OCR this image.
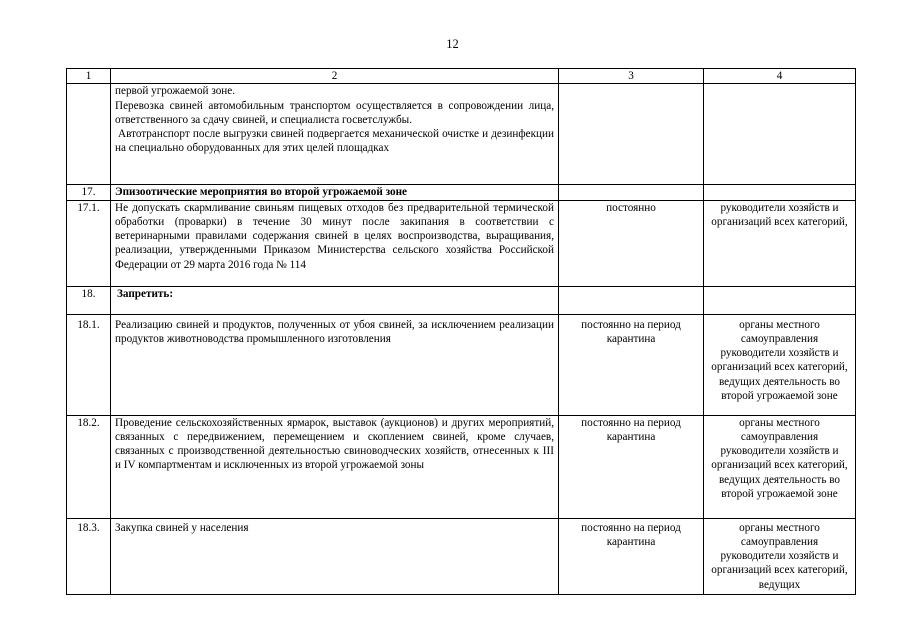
12
1	2	3	4

	первой угрожаемой зоне.
Перевозка свиней автомобильным транспортом осуществляется в сопровождении лица, ответственного за сдачу свиней, и специалиста госветслужбы.
Автотранспорт после выгрузки свиней подвергается механической очистке и дезинфекции на специально оборудованных для этих целей площадках		

17.	Эпизоотические мероприятия во второй угрожаемой зоне		
17.1.	Не допускать скармливание свиньям пищевых отходов без предварительной термической обработки (проварки) в течение 30 минут после закипания в соответствии с ветеринарными правилами содержания свиней в целях воспроизводства, выращивания, реализации, утвержденными Приказом Министерства сельского хозяйства Российской Федерации от 29 марта 2016 года № 114	постоянно	руководители хозяйств и организаций всех категорий,
18.	Запретить:		
18.1.	Реализацию свиней и продуктов, полученных от убоя свиней, за исключением реализации продуктов животноводства промышленного изготовления	постоянно на период карантина	органы местного самоуправления руководители хозяйств и организаций всех категорий, ведущих деятельность во второй угрожаемой зоне
18.2.	Проведение сельскохозяйственных ярмарок, выставок (аукционов) и других мероприятий, связанных с передвижением, перемещением и скоплением свиней, кроме случаев, связанных с производственной деятельностью свиноводческих хозяйств, отнесенных к III и IV компартментам и исключенных из второй угрожаемой зоны	постоянно на период карантина	органы местного самоуправления руководители хозяйств и организаций всех категорий, ведущих деятельность во второй угрожаемой зоне
18.3.	Закупка свиней у населения	постоянно на период карантина	органы местного самоуправления руководители хозяйств и организаций всех категорий, ведущих
